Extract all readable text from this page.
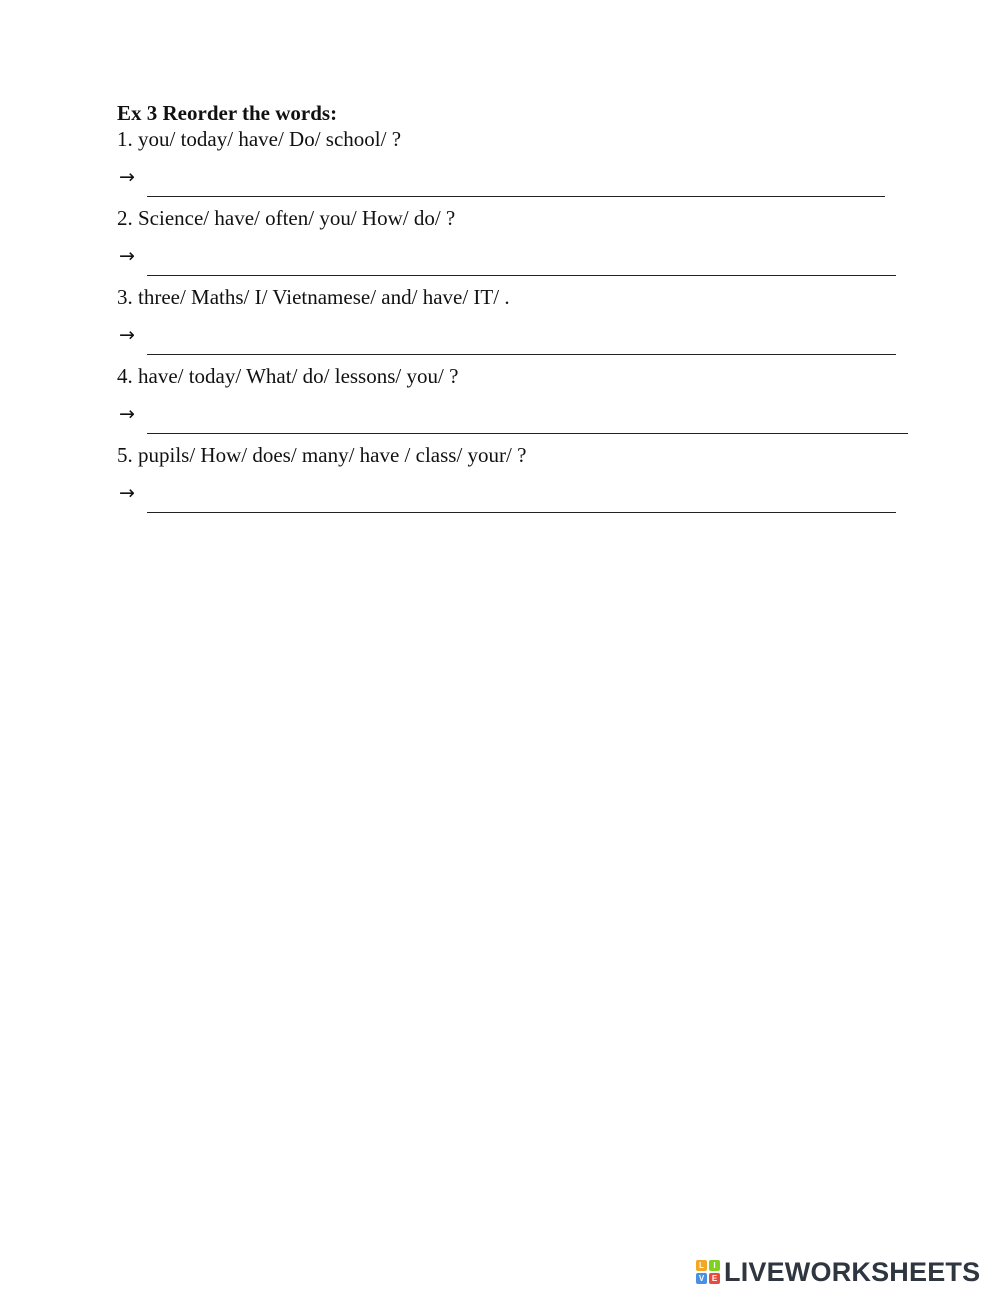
Ex 3 Reorder the words:

1. you/ today/ have/ Do/ school/ ?

→

2. Science/ have/ often/ you/ How/ do/ ?

→

3. three/ Maths/ I/ Vietnamese/ and/ have/ IT/ .

→

4. have/ today/ What/ do/ lessons/ you/ ?

→

5. pupils/ How/ does/ many/ have / class/ your/ ?

→
L	I
V E LIVEWORKSHEETS
